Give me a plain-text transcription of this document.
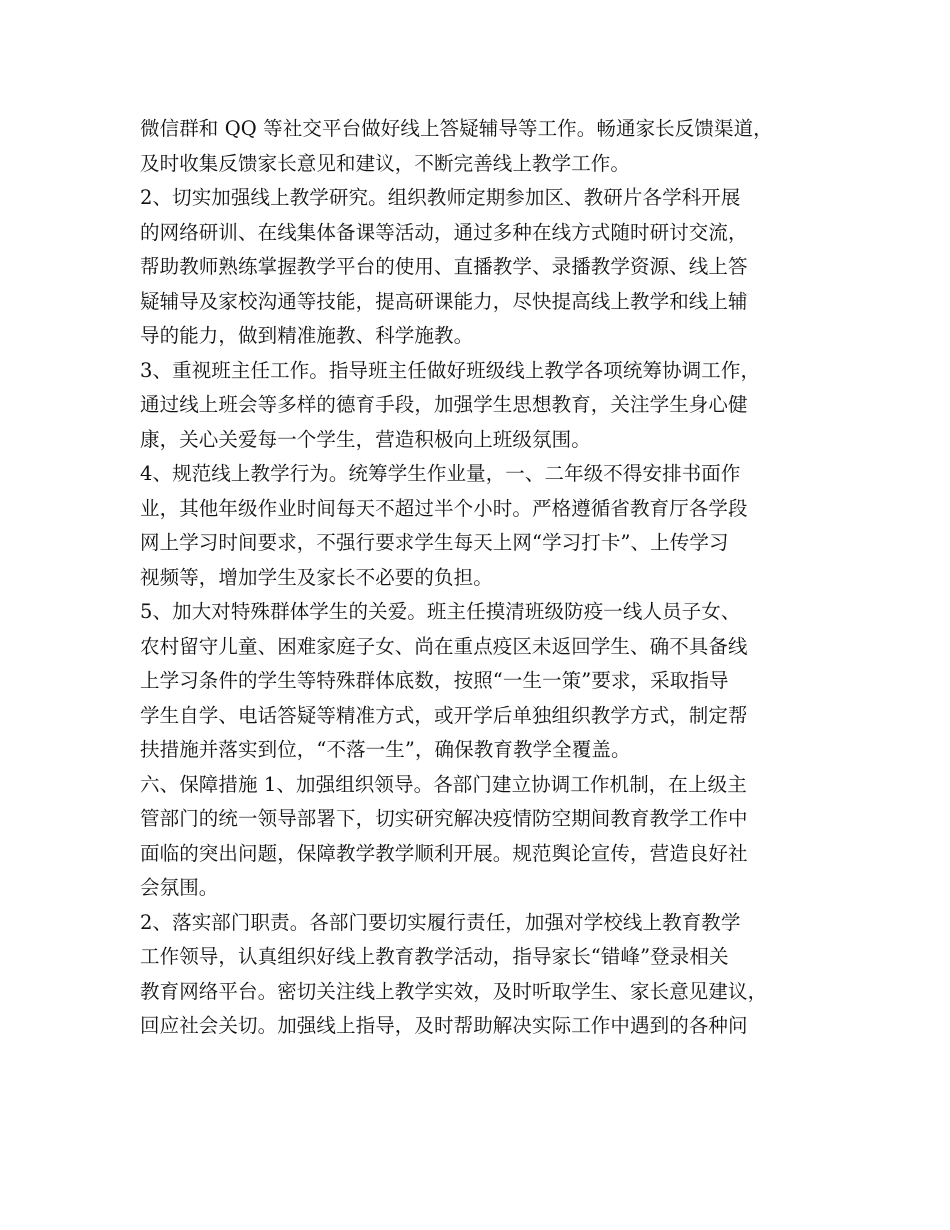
微信群和 QQ 等社交平台做好线上答疑辅导等工作。畅通家长反馈渠道，
及时收集反馈家长意见和建议，不断完善线上教学工作。
2、切实加强线上教学研究。组织教师定期参加区、教研片各学科开展
的网络研训、在线集体备课等活动，通过多种在线方式随时研讨交流，
帮助教师熟练掌握教学平台的使用、直播教学、录播教学资源、线上答
疑辅导及家校沟通等技能，提高研课能力，尽快提高线上教学和线上辅
导的能力，做到精准施教、科学施教。
3、重视班主任工作。指导班主任做好班级线上教学各项统筹协调工作，
通过线上班会等多样的德育手段，加强学生思想教育，关注学生身心健
康，关心关爱每一个学生，营造积极向上班级氛围。
4、规范线上教学行为。统筹学生作业量，一、二年级不得安排书面作
业，其他年级作业时间每天不超过半个小时。严格遵循省教育厅各学段
网上学习时间要求，不强行要求学生每天上网“学习打卡”、上传学习
视频等，增加学生及家长不必要的负担。
5、加大对特殊群体学生的关爱。班主任摸清班级防疫一线人员子女、
农村留守儿童、困难家庭子女、尚在重点疫区未返回学生、确不具备线
上学习条件的学生等特殊群体底数，按照“一生一策”要求，采取指导
学生自学、电话答疑等精准方式，或开学后单独组织教学方式，制定帮
扶措施并落实到位，“不落一生”，确保教育教学全覆盖。
六、保障措施 1、加强组织领导。各部门建立协调工作机制，在上级主
管部门的统一领导部署下，切实研究解决疫情防空期间教育教学工作中
面临的突出问题，保障教学教学顺利开展。规范舆论宣传，营造良好社
会氛围。
2、落实部门职责。各部门要切实履行责任，加强对学校线上教育教学
工作领导，认真组织好线上教育教学活动，指导家长“错峰”登录相关
教育网络平台。密切关注线上教学实效，及时听取学生、家长意见建议，
回应社会关切。加强线上指导，及时帮助解决实际工作中遇到的各种问
